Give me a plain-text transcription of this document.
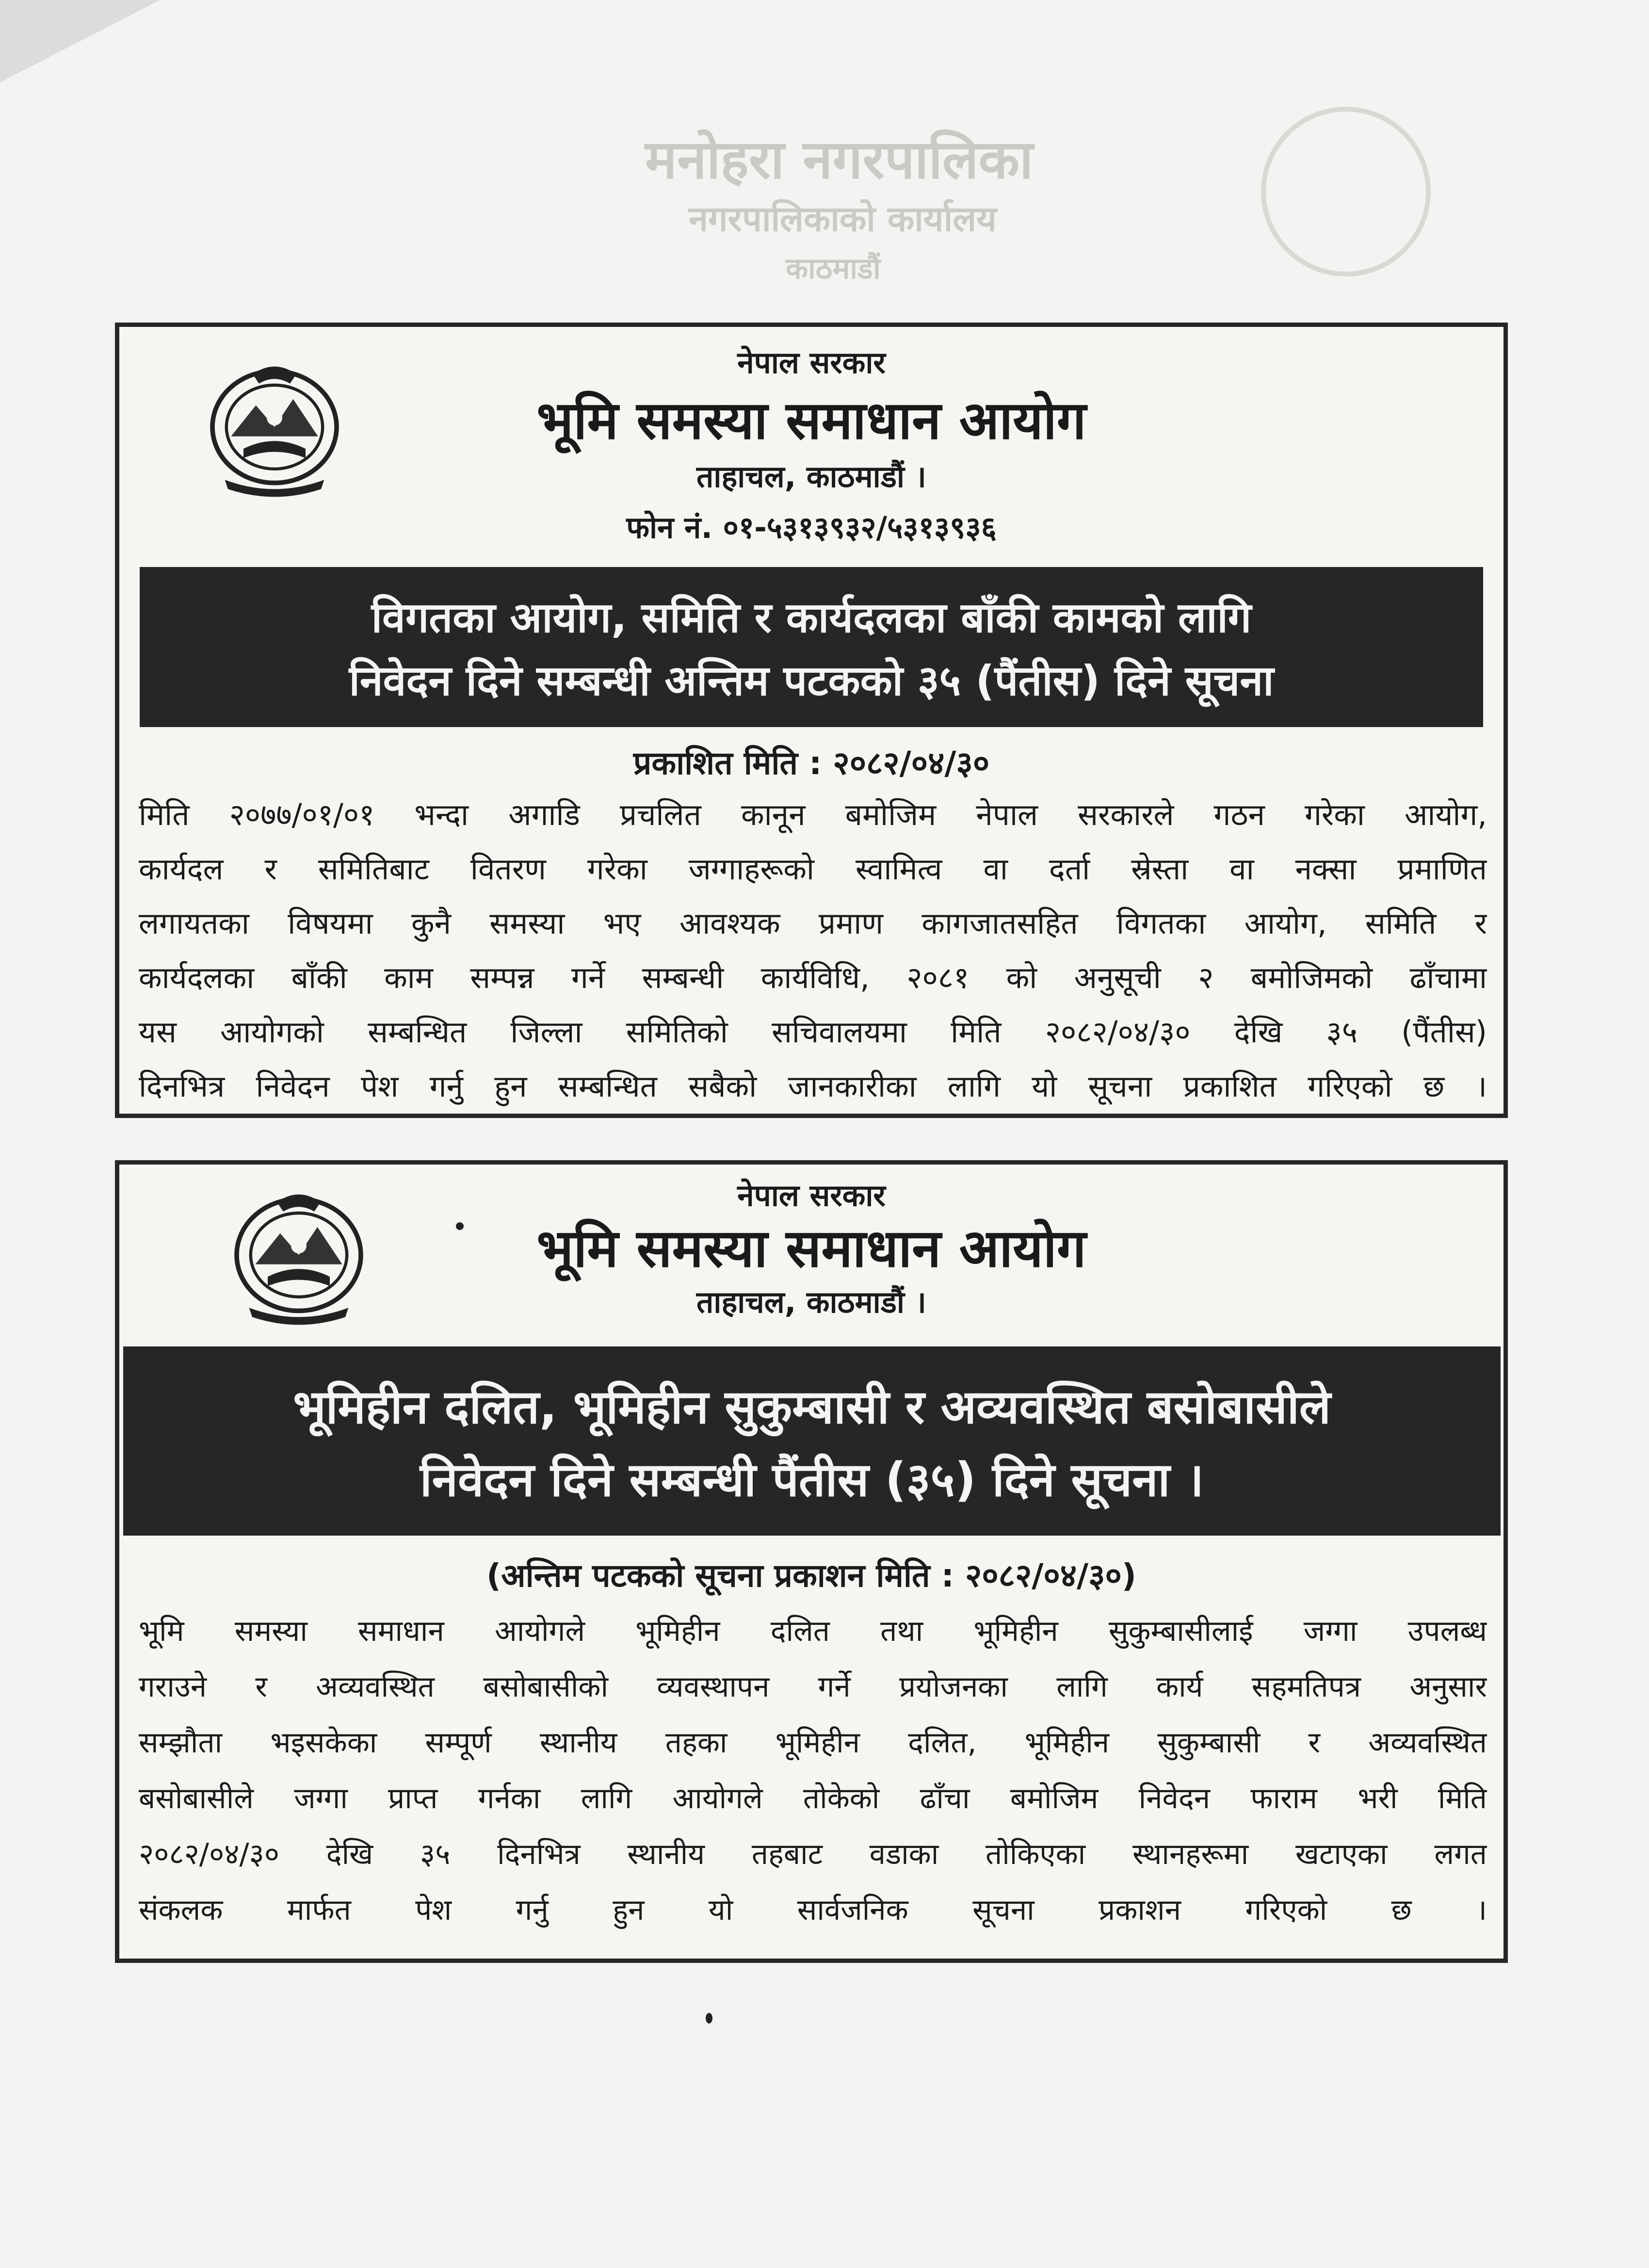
मनोहरा नगरपालिका
नगरपालिकाको कार्यालय
काठमाडौं
नेपाल सरकार
भूमि समस्या समाधान आयोग
ताहाचल, काठमाडौं ।
फोन नं. ०१-५३१३९३२/५३१३९३६
विगतका आयोग, समिति र कार्यदलका बाँकी कामको लागि
निवेदन दिने सम्बन्धी अन्तिम पटकको ३५ (पैंतीस) दिने सूचना
प्रकाशित मिति : २०८२/०४/३०

मिति २०७७/०१/०१ भन्दा अगाडि प्रचलित कानून बमोजिम नेपाल सरकारले गठन गरेका आयोग,
कार्यदल र समितिबाट वितरण गरेका जग्गाहरूको स्वामित्व वा दर्ता स्रेस्ता वा नक्सा प्रमाणित
लगायतका विषयमा कुनै समस्या भए आवश्यक प्रमाण कागजातसहित विगतका आयोग, समिति र
कार्यदलका बाँकी काम सम्पन्न गर्ने सम्बन्धी कार्यविधि, २०८१ को अनुसूची २ बमोजिमको ढाँचामा
यस आयोगको सम्बन्धित जिल्ला समितिको सचिवालयमा मिति २०८२/०४/३० देखि ३५ (पैंतीस)
दिनभित्र निवेदन पेश गर्नु हुन सम्बन्धित सबैको जानकारीका लागि यो सूचना प्रकाशित गरिएको छ ।

नेपाल सरकार
भूमि समस्या समाधान आयोग
ताहाचल, काठमाडौं ।
भूमिहीन दलित, भूमिहीन सुकुम्बासी र अव्यवस्थित बसोबासीले
निवेदन दिने सम्बन्धी पैंतीस (३५) दिने सूचना ।
(अन्तिम पटकको सूचना प्रकाशन मिति : २०८२/०४/३०)

भूमि समस्या समाधान आयोगले भूमिहीन दलित तथा भूमिहीन सुकुम्बासीलाई जग्गा उपलब्ध
गराउने र अव्यवस्थित बसोबासीको व्यवस्थापन गर्ने प्रयोजनका लागि कार्य सहमतिपत्र अनुसार
सम्झौता भइसकेका सम्पूर्ण स्थानीय तहका भूमिहीन दलित, भूमिहीन सुकुम्बासी र अव्यवस्थित
बसोबासीले जग्गा प्राप्त गर्नका लागि आयोगले तोकेको ढाँचा बमोजिम निवेदन फाराम भरी मिति
२०८२/०४/३० देखि ३५ दिनभित्र स्थानीय तहबाट वडाका तोकिएका स्थानहरूमा खटाएका लगत
संकलक मार्फत पेश गर्नु हुन यो सार्वजनिक सूचना प्रकाशन गरिएको छ ।
